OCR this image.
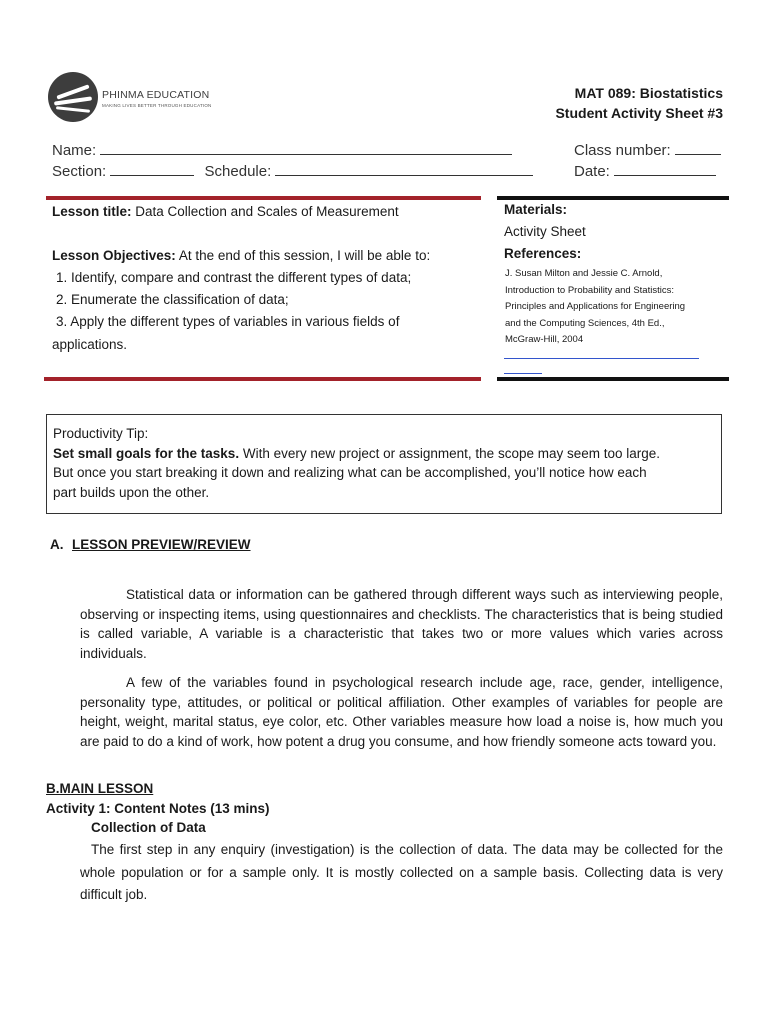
PHINMA EDUCATION
MAKING LIVES BETTER THROUGH EDUCATION
MAT 089: Biostatistics
Student Activity Sheet #3
Name:
Section:	Schedule:
Class number:
Date:
Lesson title: Data Collection and Scales of Measurement
Lesson Objectives: At the end of this session, I will be able to:
1. Identify, compare and contrast the different types of data;
2. Enumerate the classification of data;
3. Apply the different types of variables in various fields of
applications.
Materials:
Activity Sheet
References:
J. Susan Milton and Jessie C. Arnold,
Introduction to Probability and Statistics:
Principles and Applications for Engineering
and the Computing Sciences, 4th Ed.,
McGraw-Hill, 2004
Productivity Tip:
Set small goals for the tasks. With every new project or assignment, the scope may seem too large.
But once you start breaking it down and realizing what can be accomplished, you’ll notice how each
part builds upon the other.
A. LESSON PREVIEW/REVIEW

Statistical data or information can be gathered through different ways such as interviewing people, observing or inspecting items, using questionnaires and checklists. The characteristics that is being studied is called variable, A variable is a characteristic that takes two or more values which varies across individuals.

A few of the variables found in psychological research include age, race, gender, intelligence, personality type, attitudes, or political or political affiliation. Other examples of variables for people are height, weight, marital status, eye color, etc. Other variables measure how load a noise is, how much you are paid to do a kind of work, how potent a drug you consume, and how friendly someone acts toward you.

B.MAIN LESSON
Activity 1: Content Notes (13 mins)
Collection of Data

The first step in any enquiry (investigation) is the collection of data. The data may be collected for the whole population or for a sample only. It is mostly collected on a sample basis. Collecting data is very difficult job.
